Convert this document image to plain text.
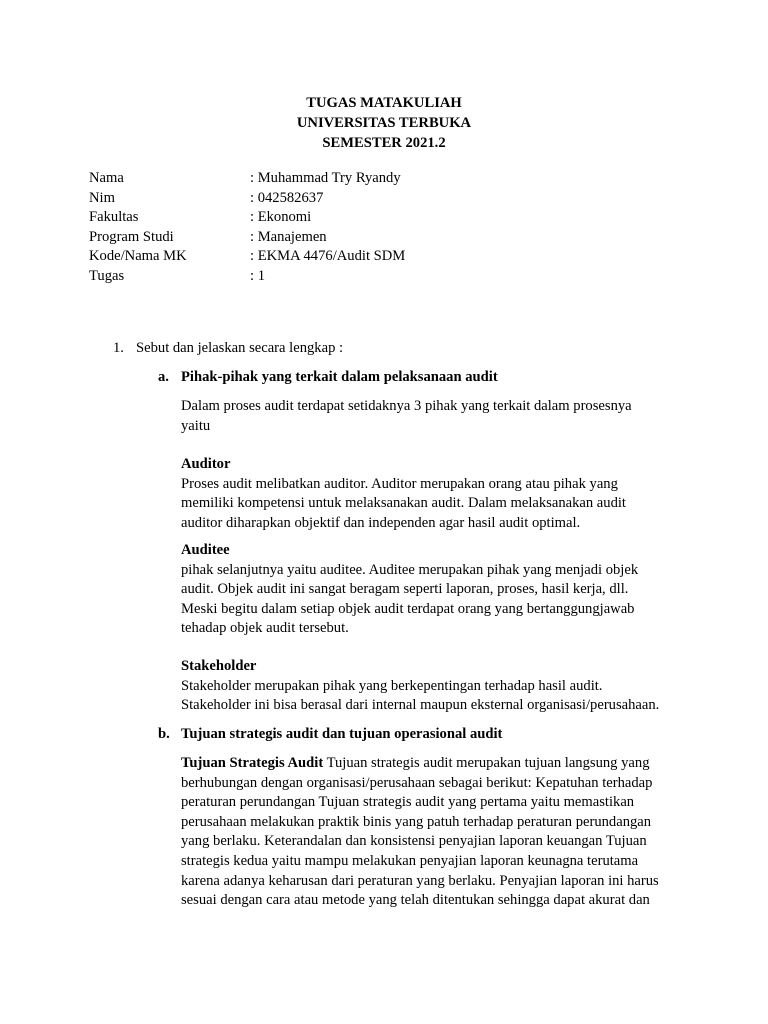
TUGAS MATAKULIAH
UNIVERSITAS TERBUKA
SEMESTER 2021.2
Nama	: Muhammad Try Ryandy
Nim	: 042582637
Fakultas	: Ekonomi
Program Studi	: Manajemen
Kode/Nama MK	: EKMA 4476/Audit SDM
Tugas	: 1
1. Sebut dan jelaskan secara lengkap :
a. Pihak-pihak yang terkait dalam pelaksanaan audit
Dalam proses audit terdapat setidaknya 3 pihak yang terkait dalam prosesnya
yaitu
Auditor
Proses audit melibatkan auditor. Auditor merupakan orang atau pihak yang
memiliki kompetensi untuk melaksanakan audit. Dalam melaksanakan audit
auditor diharapkan objektif dan independen agar hasil audit optimal.
Auditee
pihak selanjutnya yaitu auditee. Auditee merupakan pihak yang menjadi objek
audit. Objek audit ini sangat beragam seperti laporan, proses, hasil kerja, dll.
Meski begitu dalam setiap objek audit terdapat orang yang bertanggungjawab
tehadap objek audit tersebut.
Stakeholder
Stakeholder merupakan pihak yang berkepentingan terhadap hasil audit.
Stakeholder ini bisa berasal dari internal maupun eksternal organisasi/perusahaan.
b. Tujuan strategis audit dan tujuan operasional audit
Tujuan Strategis Audit Tujuan strategis audit merupakan tujuan langsung yang
berhubungan dengan organisasi/perusahaan sebagai berikut: Kepatuhan terhadap
peraturan perundangan Tujuan strategis audit yang pertama yaitu memastikan
perusahaan melakukan praktik binis yang patuh terhadap peraturan perundangan
yang berlaku. Keterandalan dan konsistensi penyajian laporan keuangan Tujuan
strategis kedua yaitu mampu melakukan penyajian laporan keunagna terutama
karena adanya keharusan dari peraturan yang berlaku. Penyajian laporan ini harus
sesuai dengan cara atau metode yang telah ditentukan sehingga dapat akurat dan
